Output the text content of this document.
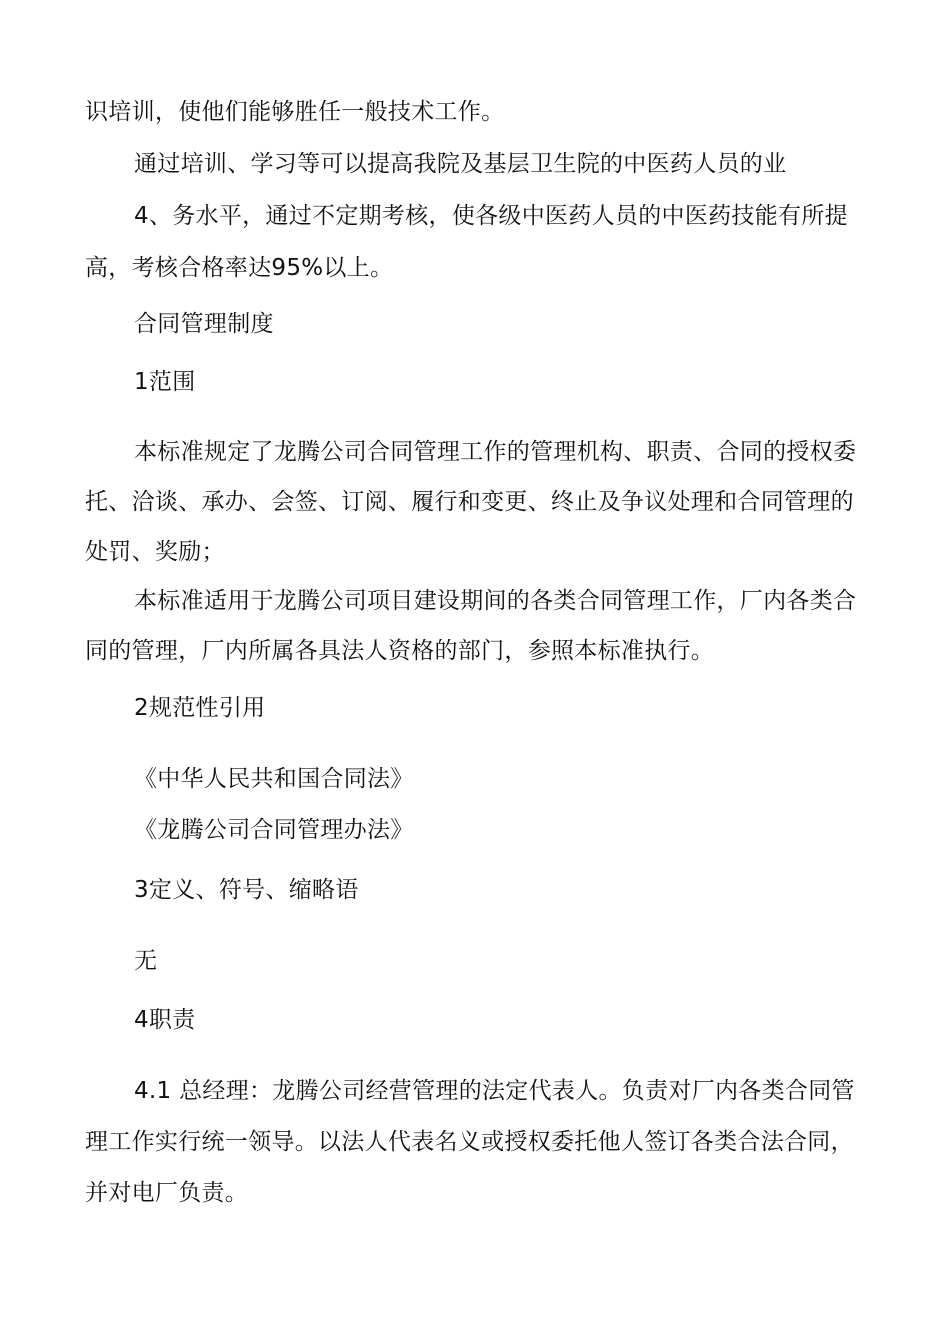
识培训，使他们能够胜任一般技术工作。
通过培训、学习等可以提高我院及基层卫生院的中医药人员的业
4、务水平，通过不定期考核，使各级中医药人员的中医药技能有所提
高，考核合格率达95%以上。
合同管理制度
1范围
本标准规定了龙腾公司合同管理工作的管理机构、职责、合同的授权委
托、洽谈、承办、会签、订阅、履行和变更、终止及争议处理和合同管理的
处罚、奖励；
本标准适用于龙腾公司项目建设期间的各类合同管理工作，厂内各类合
同的管理，厂内所属各具法人资格的部门，参照本标准执行。
2规范性引用
《中华人民共和国合同法》
《龙腾公司合同管理办法》
3定义、符号、缩略语
无
4职责
4.1 总经理：龙腾公司经营管理的法定代表人。负责对厂内各类合同管
理工作实行统一领导。以法人代表名义或授权委托他人签订各类合法合同，
并对电厂负责。
